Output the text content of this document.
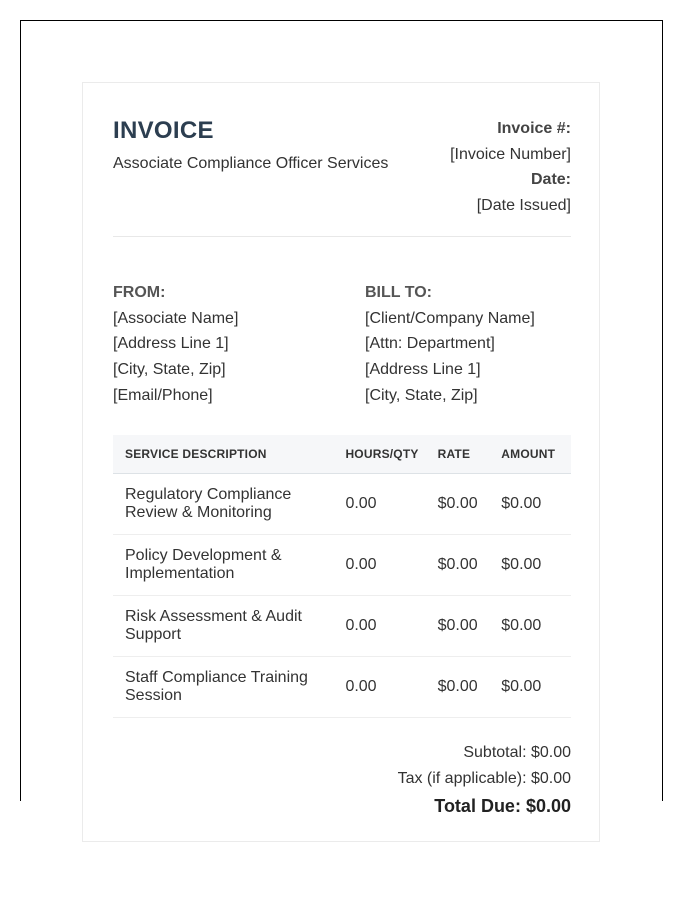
INVOICE
Associate Compliance Officer Services
Invoice #:
[Invoice Number]
Date:
[Date Issued]
FROM:
[Associate Name]
[Address Line 1]
[City, State, Zip]
[Email/Phone]
BILL TO:
[Client/Company Name]
[Attn: Department]
[Address Line 1]
[City, State, Zip]
SERVICE DESCRIPTION	HOURS/QTY	RATE	AMOUNT
Regulatory Compliance Review & Monitoring	0.00	$0.00	$0.00
Policy Development & Implementation	0.00	$0.00	$0.00
Risk Assessment & Audit Support	0.00	$0.00	$0.00
Staff Compliance Training Session	0.00	$0.00	$0.00
Subtotal: $0.00
Tax (if applicable): $0.00
Total Due: $0.00
